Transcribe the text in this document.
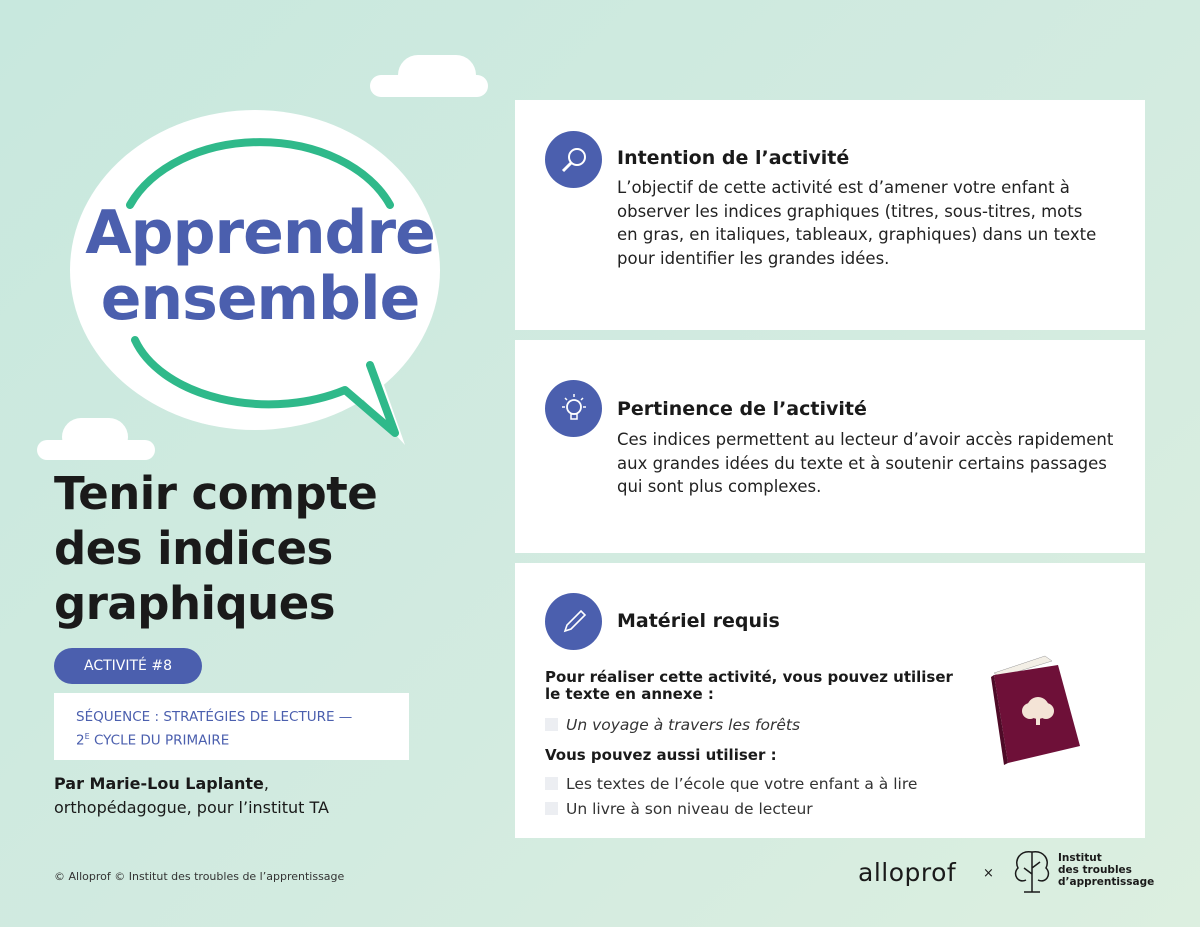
Apprendre
ensemble
Tenir compte
des indices
graphiques
ACTIVITÉ #8
SÉQUENCE : STRATÉGIES DE LECTURE —
$2^E$ CYCLE DU PRIMAIRE
Par Marie-Lou Laplante,
orthopédagogue, pour l’institut TA
© Alloprof © Institut des troubles de l’apprentissage
Intention de l’activité
L’objectif de cette activité est d’amener votre enfant à observer les indices graphiques (titres, sous-titres, mots en gras, en italiques, tableaux, graphiques) dans un texte pour identifier les grandes idées.
Pertinence de l’activité
Ces indices permettent au lecteur d’avoir accès rapidement aux grandes idées du texte et à soutenir certains passages qui sont plus complexes.
Matériel requis
Pour réaliser cette activité, vous pouvez utiliser le texte en annexe :
Un voyage à travers les forêts
Vous pouvez aussi utiliser :
Les textes de l’école que votre enfant a à lire
Un livre à son niveau de lecteur
alloprof ×
Institut
des troubles
d’apprentissage
